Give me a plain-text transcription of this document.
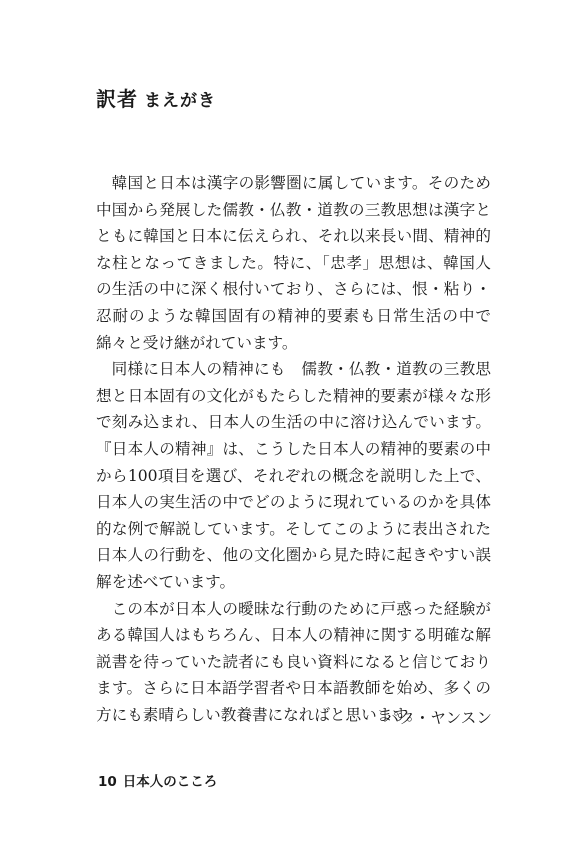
訳者 まえがき

韓国と日本は漢字の影響圏に属しています。そのため中国から発展した儒教・仏教・道教の三教思想は漢字とともに韓国と日本に伝えられ、それ以来長い間、精神的な柱となってきました。特に、「忠孝」思想は、韓国人の生活の中に深く根付いており、さらには、恨・粘り・忍耐のような韓国固有の精神的要素も日常生活の中で綿々と受け継がれています。

同様に日本人の精神にも　儒教・仏教・道教の三教思想と日本固有の文化がもたらした精神的要素が様々な形で刻み込まれ、日本人の生活の中に溶け込んでいます。『日本人の精神』は、こうした日本人の精神的要素の中から100項目を選び、それぞれの概念を説明した上で、日本人の実生活の中でどのように現れているのかを具体的な例で解説しています。そしてこのように表出された日本人の行動を、他の文化圏から見た時に起きやすい誤解を述べています。

この本が日本人の曖昧な行動のために戸惑った経験がある韓国人はもちろん、日本人の精神に関する明確な解説書を待っていた読者にも良い資料になると信じております。さらに日本語学習者や日本語教師を始め、多くの方にも素晴らしい教養書になればと思います。

パク・ヤンスン
10 日本人のこころ
